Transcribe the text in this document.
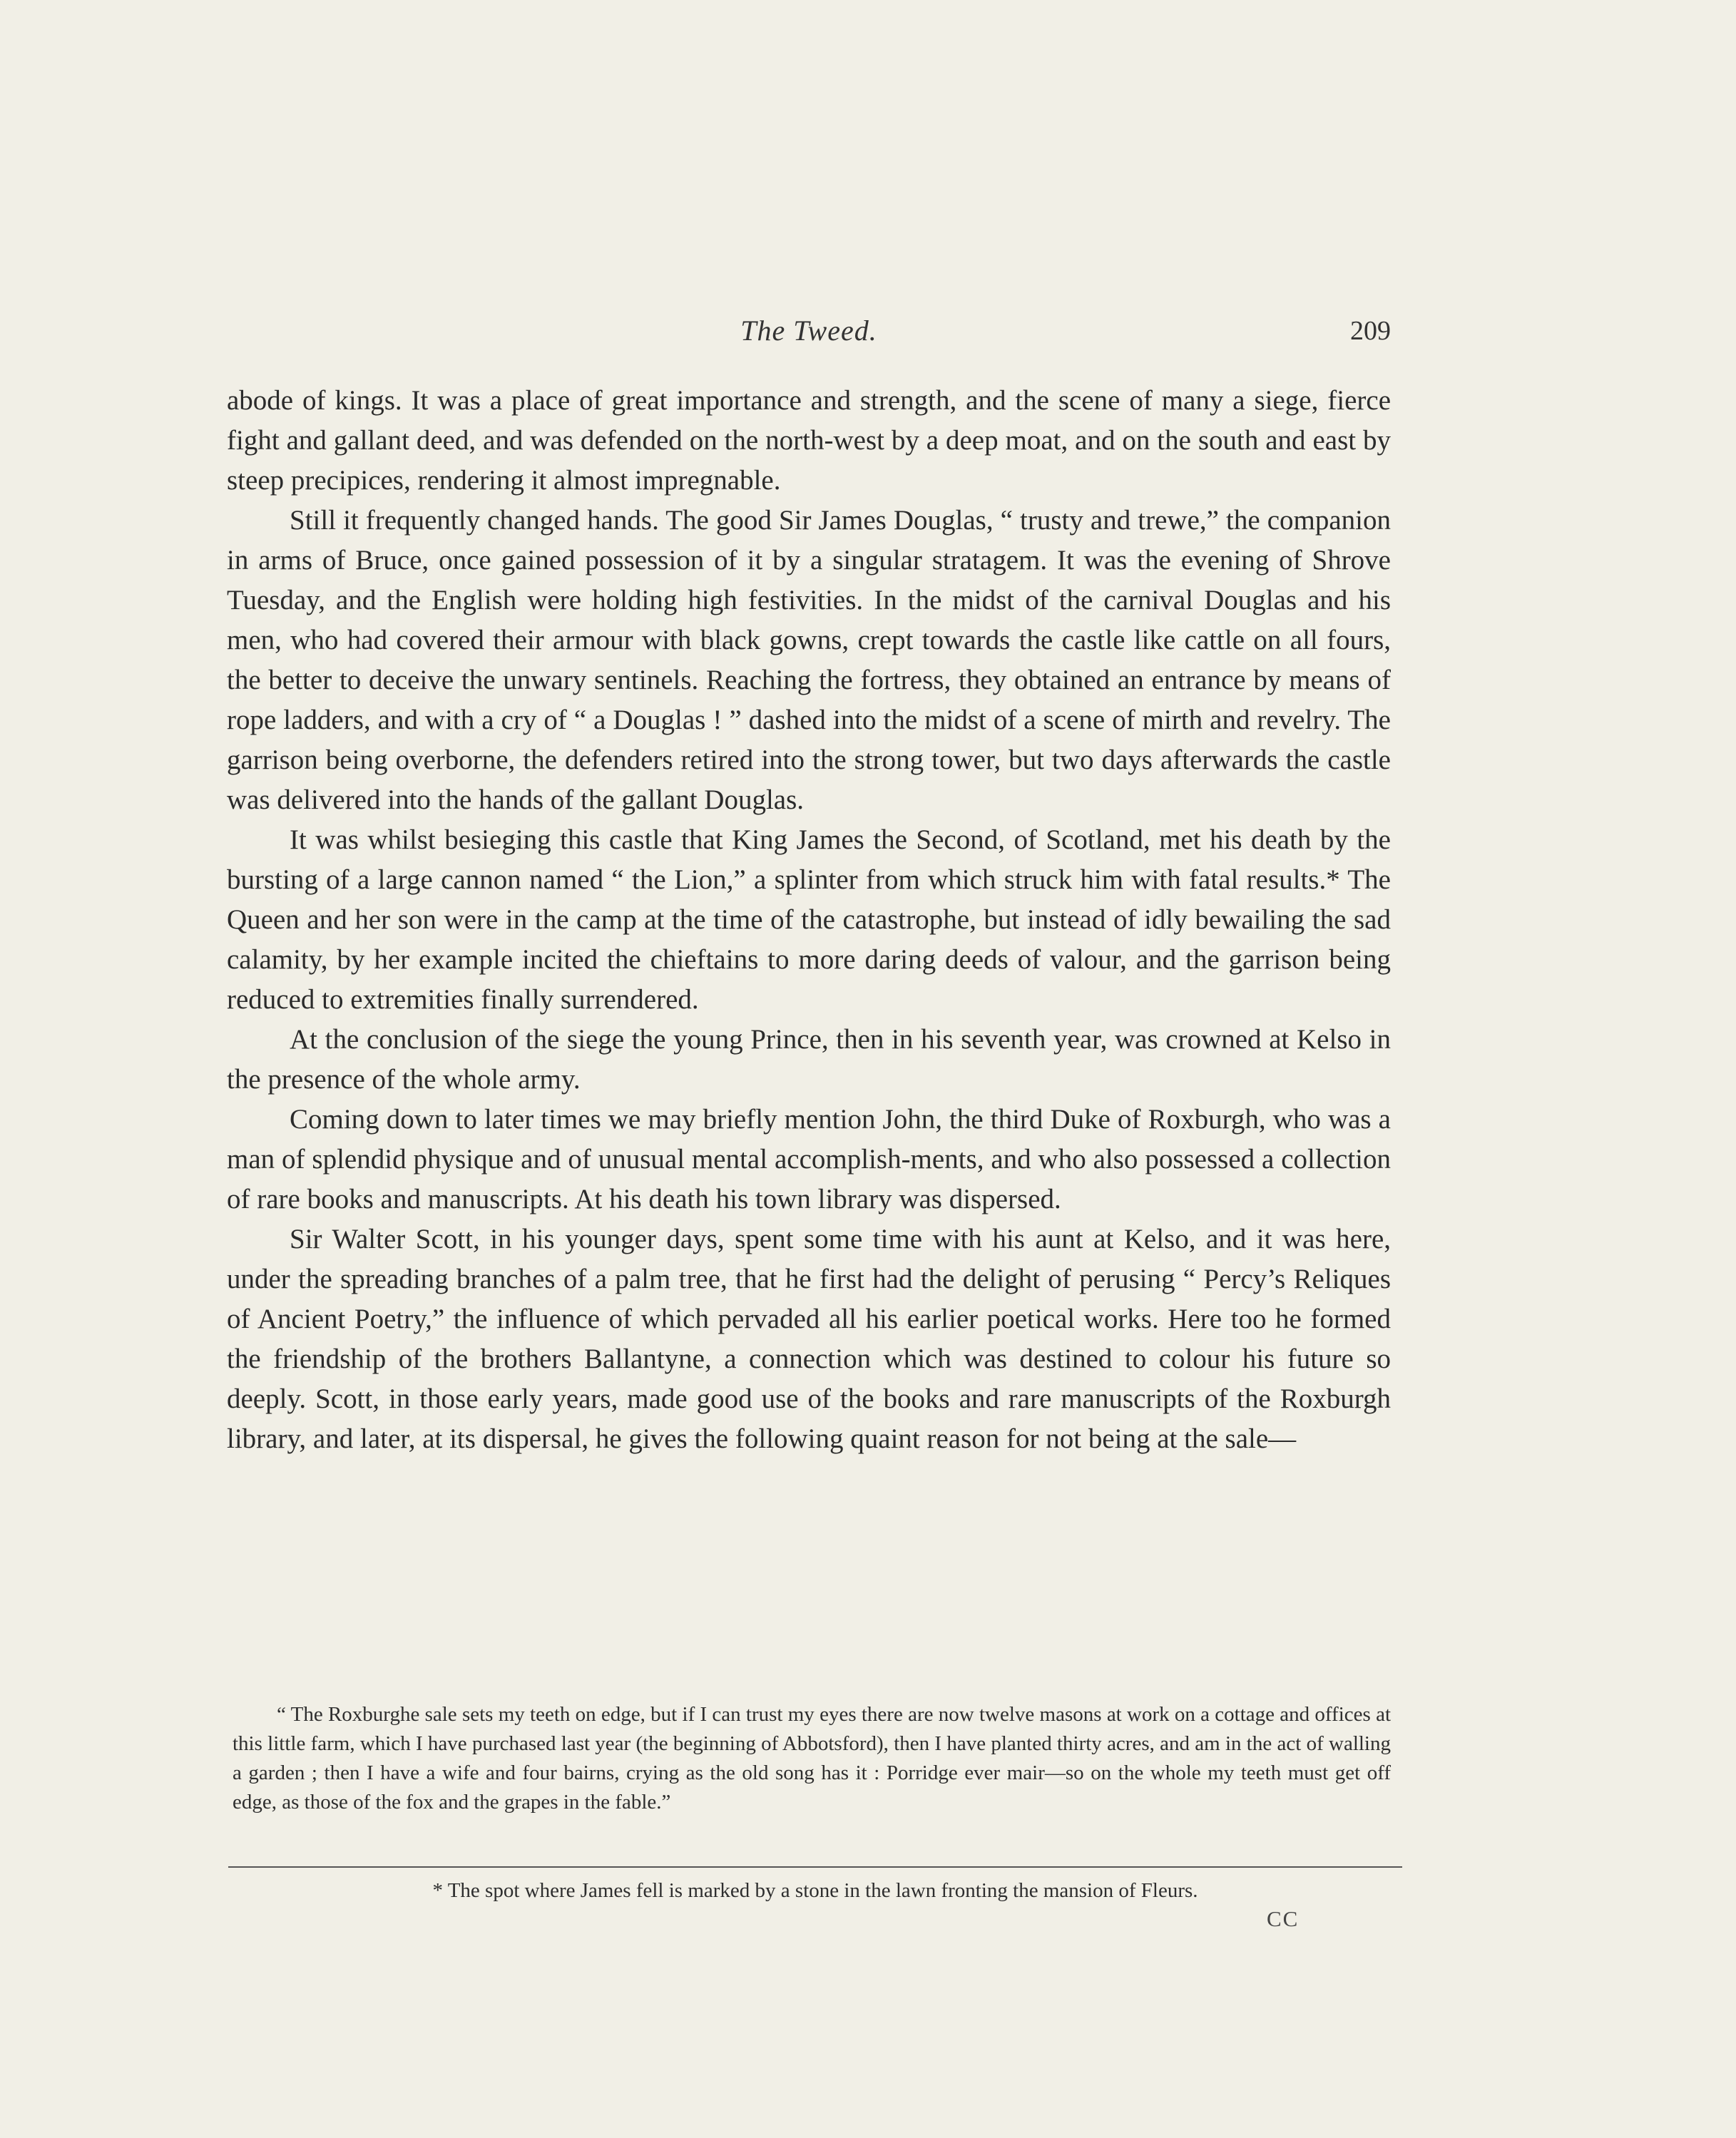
The Tweed.	209

abode of kings. It was a place of great importance and strength, and the scene of many a siege, fierce fight and gallant deed, and was defended on the north-west by a deep moat, and on the south and east by steep precipices, rendering it almost impregnable.

Still it frequently changed hands. The good Sir James Douglas, “ trusty and trewe,” the companion in arms of Bruce, once gained possession of it by a singular stratagem. It was the evening of Shrove Tuesday, and the English were holding high festivities. In the midst of the carnival Douglas and his men, who had covered their armour with black gowns, crept towards the castle like cattle on all fours, the better to deceive the unwary sentinels. Reaching the fortress, they obtained an entrance by means of rope ladders, and with a cry of “ a Douglas ! ” dashed into the midst of a scene of mirth and revelry. The garrison being overborne, the defenders retired into the strong tower, but two days afterwards the castle was delivered into the hands of the gallant Douglas.

It was whilst besieging this castle that King James the Second, of Scotland, met his death by the bursting of a large cannon named “ the Lion,” a splinter from which struck him with fatal results.* The Queen and her son were in the camp at the time of the catastrophe, but instead of idly bewailing the sad calamity, by her example incited the chieftains to more daring deeds of valour, and the garrison being reduced to extremities finally surrendered.

At the conclusion of the siege the young Prince, then in his seventh year, was crowned at Kelso in the presence of the whole army.

Coming down to later times we may briefly mention John, the third Duke of Roxburgh, who was a man of splendid physique and of unusual mental accomplish-ments, and who also possessed a collection of rare books and manuscripts. At his death his town library was dispersed.

Sir Walter Scott, in his younger days, spent some time with his aunt at Kelso, and it was here, under the spreading branches of a palm tree, that he first had the delight of perusing “ Percy’s Reliques of Ancient Poetry,” the influence of which pervaded all his earlier poetical works. Here too he formed the friendship of the brothers Ballantyne, a connection which was destined to colour his future so deeply. Scott, in those early years, made good use of the books and rare manuscripts of the Roxburgh library, and later, at its dispersal, he gives the following quaint reason for not being at the sale—

“ The Roxburghe sale sets my teeth on edge, but if I can trust my eyes there are now twelve masons at work on a cottage and offices at this little farm, which I have purchased last year (the beginning of Abbotsford), then I have planted thirty acres, and am in the act of walling a garden ; then I have a wife and four bairns, crying as the old song has it : Porridge ever mair—so on the whole my teeth must get off edge, as those of the fox and the grapes in the fable.”

* The spot where James fell is marked by a stone in the lawn fronting the mansion of Fleurs.
CC
